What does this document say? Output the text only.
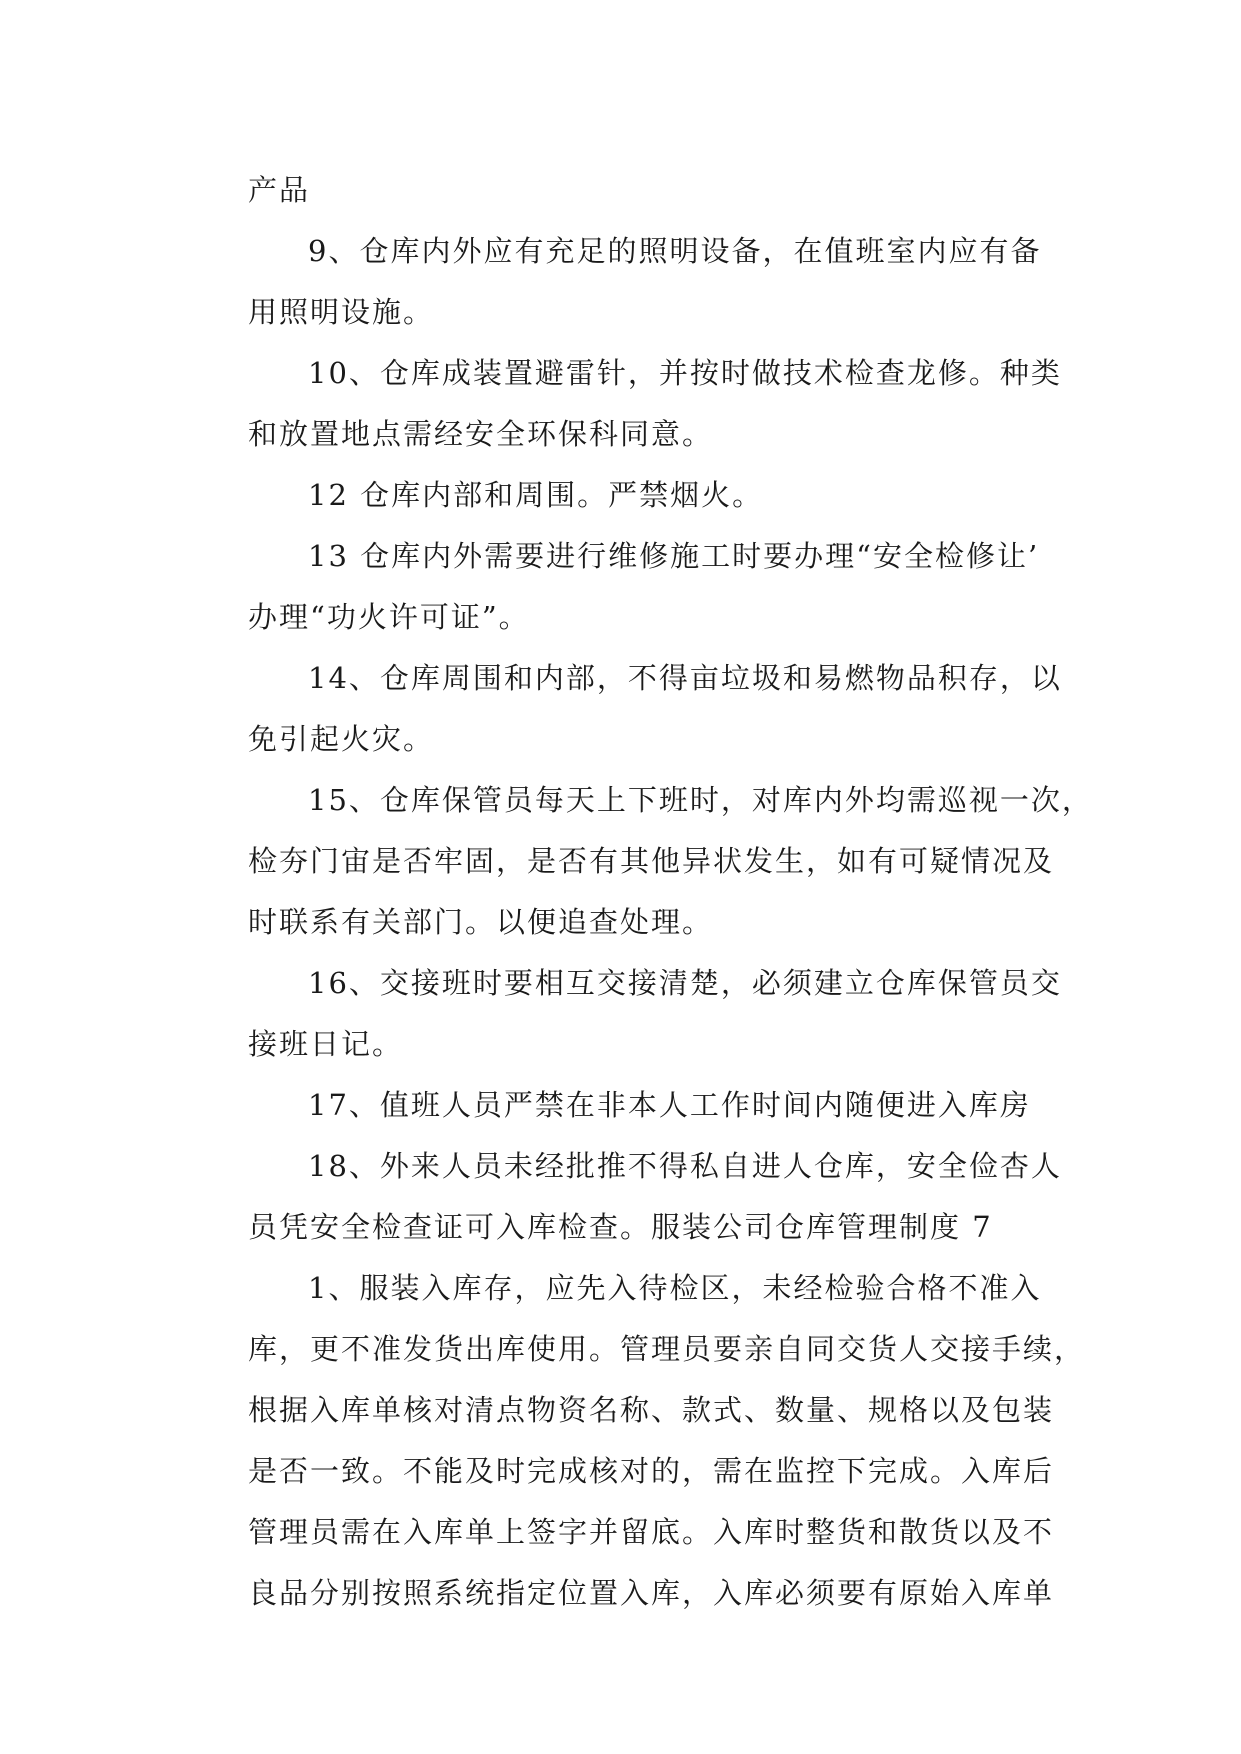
产品
9、仓库内外应有充足的照明设备，在值班室内应有备
用照明设施。
10、仓库成装置避雷针，并按时做技术检查龙修。种类
和放置地点需经安全环保科同意。
12 仓库内部和周围。严禁烟火。
13 仓库内外需要进行维修施工时要办理“安全检修让’
办理“功火许可证”。
14、仓库周围和内部，不得亩垃圾和易燃物品积存，以
免引起火灾。
15、仓库保管员每天上下班时，对库内外均需巡视一次，
检夯门宙是否牢固，是否有其他异状发生，如有可疑情况及
时联系有关部门。以便追查处理。
16、交接班时要相互交接清楚，必须建立仓库保管员交
接班日记。
17、值班人员严禁在非本人工作时间内随便进入库房
18、外来人员未经批推不得私自进人仓库，安全俭杏人
员凭安全检查证可入库检查。服装公司仓库管理制度 7
1、服装入库存，应先入待检区，未经检验合格不准入
库，更不准发货出库使用。管理员要亲自同交货人交接手续，
根据入库单核对清点物资名称、款式、数量、规格以及包装
是否一致。不能及时完成核对的，需在监控下完成。入库后
管理员需在入库单上签字并留底。入库时整货和散货以及不
良品分别按照系统指定位置入库，入库必须要有原始入库单
